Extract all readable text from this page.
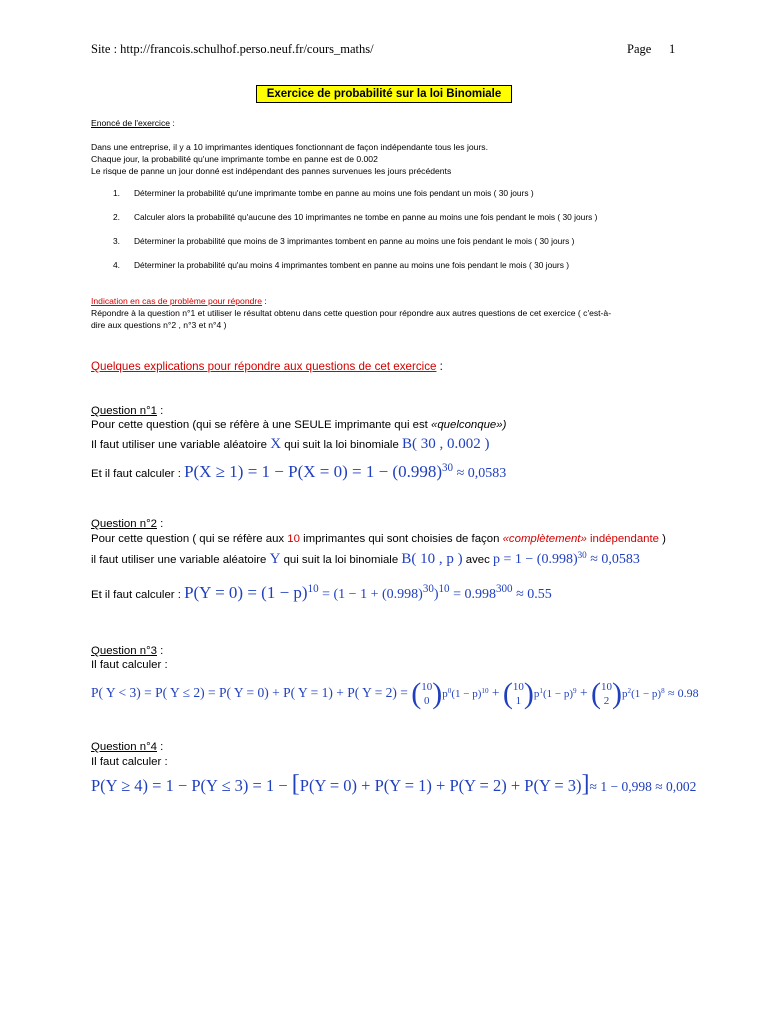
Site : http://francois.schulhof.perso.neuf.fr/cours_maths/	Page 1
Exercice de probabilité sur la loi Binomiale
Enoncé de l'exercice :
Dans une entreprise, il y a 10 imprimantes identiques fonctionnant de façon indépendante tous les jours.
Chaque jour, la probabilité qu'une imprimante tombe en panne est de 0.002
Le risque de panne un jour donné est indépendant des pannes survenues les jours précédents
1. Déterminer la probabilité qu'une imprimante tombe en panne au moins une fois pendant un mois ( 30 jours )
2. Calculer alors la probabilité qu'aucune des 10 imprimantes ne tombe en panne au moins une fois pendant le mois ( 30 jours )
3. Déterminer la probabilité que moins de 3 imprimantes tombent en panne au moins une fois pendant le mois ( 30 jours )
4. Déterminer la probabilité qu'au moins 4 imprimantes tombent en panne au moins une fois pendant le mois ( 30 jours )
Indication en cas de problème pour répondre :
Répondre à la question n°1 et utiliser le résultat obtenu dans cette question pour répondre aux autres questions de cet exercice ( c'est-à-
dire aux questions n°2 , n°3 et n°4 )
Quelques explications pour répondre aux questions de cet exercice :
Question n°1 :
Pour cette question (qui se réfère à une SEULE imprimante qui est «quelconque»)
Il faut utiliser une variable aléatoire X qui suit la loi binomiale B( 30 , 0.002 )
Et il faut calculer : $P(X \ge 1) = 1 - P(X = 0) = 1 - (0.998)^{30} \approx 0,0583$
Question n°2 :
Pour cette question ( qui se réfère aux 10 imprimantes qui sont choisies de façon «complètement» indépendante )
il faut utiliser une variable aléatoire Y qui suit la loi binomiale B( 10 , p ) avec $p = 1 - (0.998)^{30} \approx 0,0583$
Et il faut calculer : $P(Y = 0) = (1 - p)^{10} = (1 - 1 + (0.998)^{30})^{10} = 0.998^{300} \approx 0.55$
Question n°3 :
Il faut calculer :
P( Y < 3) = P( Y ≤ 2) = P( Y = 0) + P( Y = 1) + P( Y = 2) = (10
$0)p^0(1 - p)^{10} + (10$
$1)p^1(1 - p)^9 + (10$
$2)p^2(1 - p)^8 \approx 0.98$
Question n°4 :
Il faut calculer :
P(Y ≥ 4) = 1 − P(Y ≤ 3) = 1 − [P(Y = 0) + P(Y = 1) + P(Y = 2) + P(Y = 3)]≈ 1 − 0,998 ≈ 0,002
